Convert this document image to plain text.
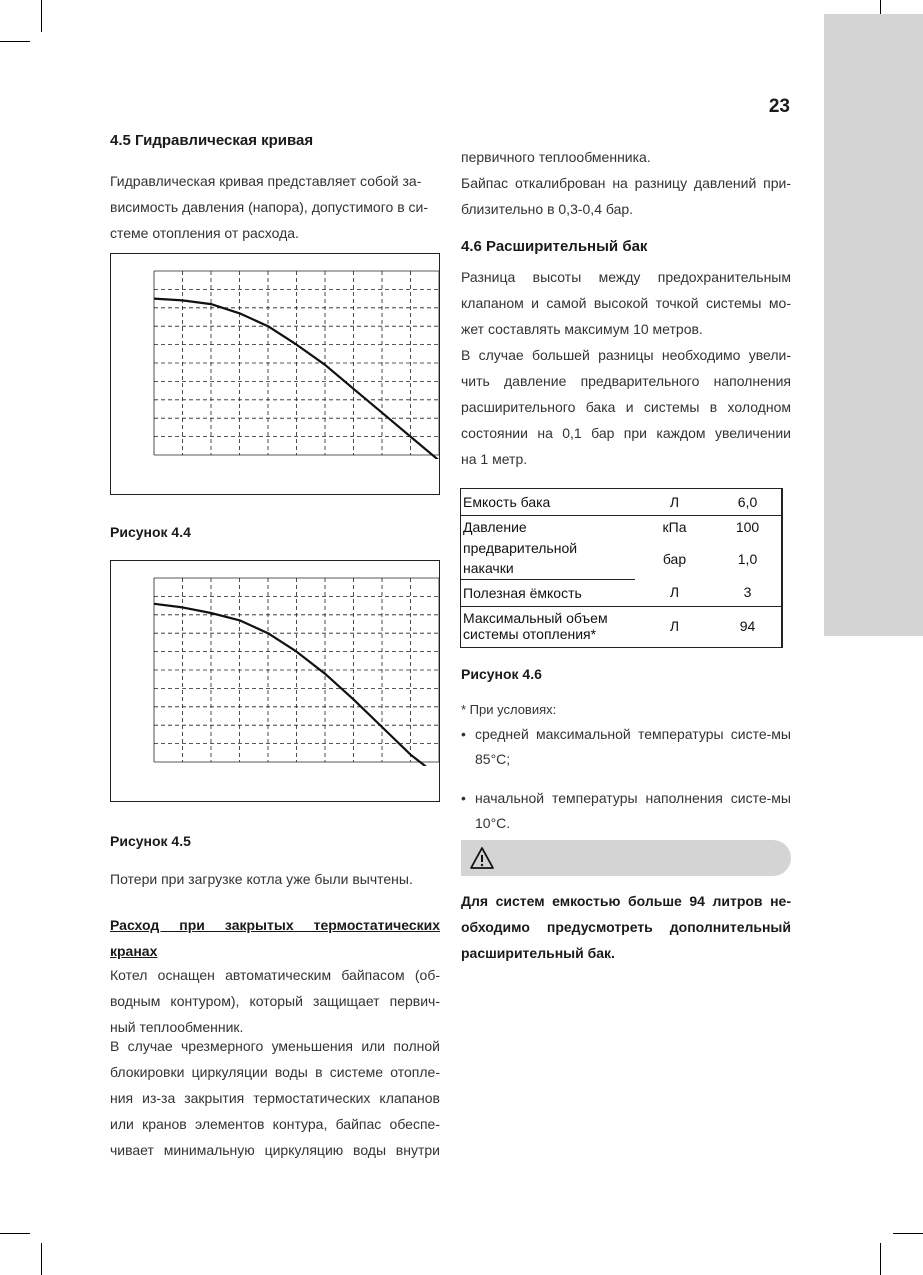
23
4.5 Гидравлическая кривая
Гидравлическая кривая представляет собой за-
висимость давления (напора), допустимого в си-
стеме отопления от расхода.
Рисунок 4.4
Рисунок 4.5
Потери при загрузке котла уже были вычтены.
Расход при закрытых термостатических
кранах
Котел оснащен автоматическим байпасом (об-
водным контуром), который защищает первич-
ный теплообменник.
В случае чрезмерного уменьшения или полной
блокировки циркуляции воды в системе отопле-
ния из-за закрытия термостатических клапанов
или кранов элементов контура, байпас обеспе-
чивает минимальную циркуляцию воды внутри
первичного теплообменника.
Байпас откалиброван на разницу давлений при-
близительно в 0,3-0,4 бар.
4.6 Расширительный бак
Разница высоты между предохранительным
клапаном и самой высокой точкой системы мо-
жет составлять максимум 10 метров.
В случае большей разницы необходимо увели-
чить давление предварительного наполнения
расширительного бака и системы в холодном
состоянии на 0,1 бар при каждом увеличении
на 1 метр.
Емкость бака	Л	6,0
Давление	кПа	100
предварительной	бар	1,0
накачки		
Полезная ёмкость	Л	3

Максимальный объем
системы отопления*	Л	94
Рисунок 4.6
* При условиях:
• средней максимальной температуры систе-мы 85°C;
• начальной температуры наполнения систе-мы 10°C.
Для систем емкостью больше 94 литров не-
обходимо предусмотреть дополнительный
расширительный бак.
